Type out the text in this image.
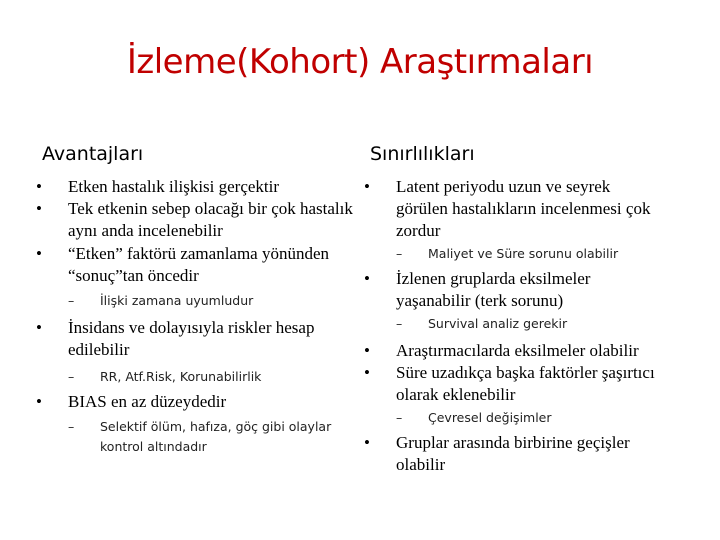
İzleme(Kohort) Araştırmaları
Avantajları	Sınırlılıkları
•	Etken hastalık ilişkisi gerçektir
•	Tek etkenin sebep olacağı bir çok hastalık aynı anda incelenebilir
•	“Etken” faktörü zamanlama yönünden “sonuç”tan öncedir
– İlişki zamana uyumludur
•	İnsidans ve dolayısıyla riskler hesap edilebilir
– RR, Atf.Risk, Korunabilirlik
•	BIAS en az düzeydedir
– Selektif ölüm, hafıza, göç gibi olaylar kontrol altındadır
•	Latent periyodu uzun ve seyrek görülen hastalıkların incelenmesi çok zordur
– Maliyet ve Süre sorunu olabilir
•	İzlenen gruplarda eksilmeler yaşanabilir (terk sorunu)
– Survival analiz gerekir
•	Araştırmacılarda eksilmeler olabilir
•	Süre uzadıkça başka faktörler şaşırtıcı olarak eklenebilir
– Çevresel değişimler
•	Gruplar arasında birbirine geçişler olabilir
